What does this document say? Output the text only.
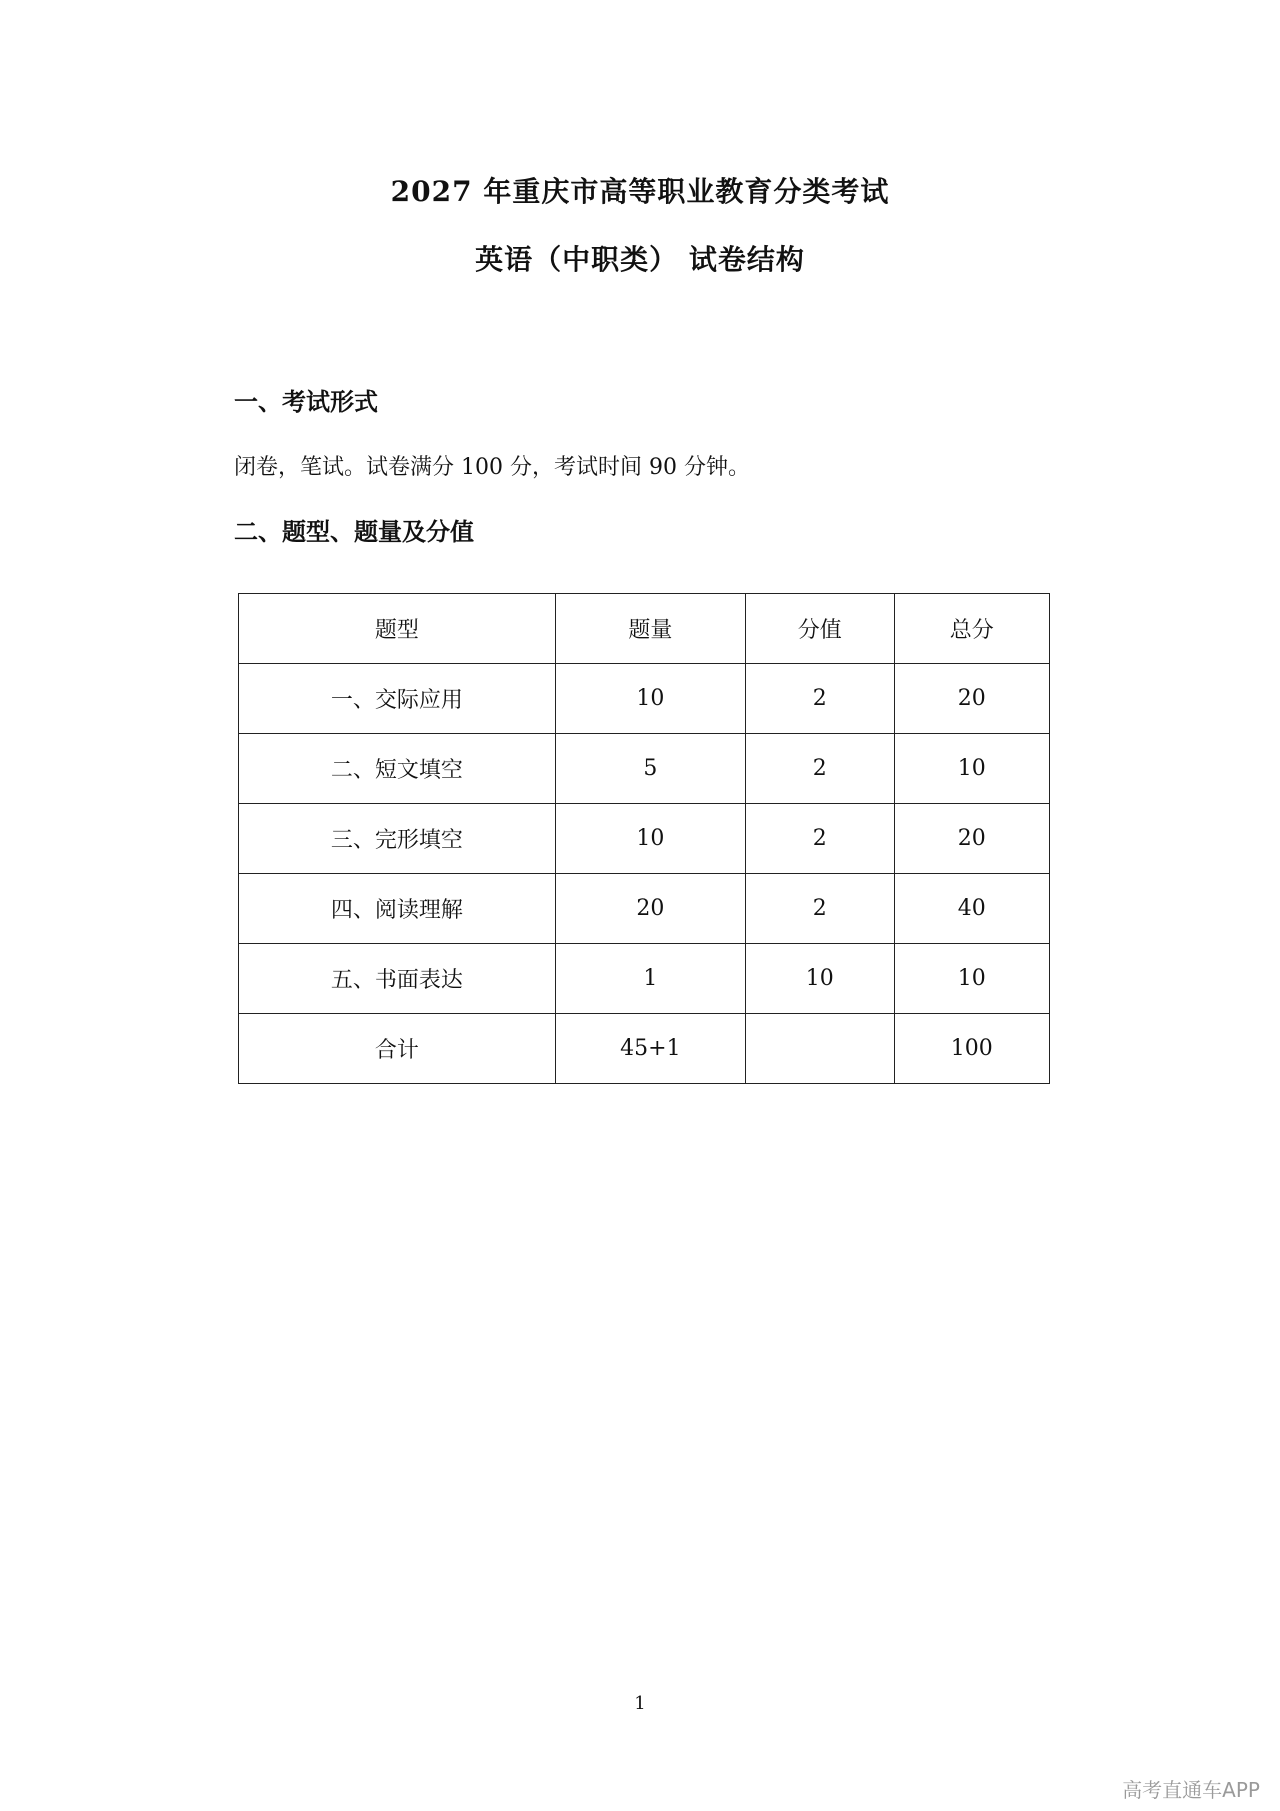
2027 年重庆市高等职业教育分类考试
英语（中职类） 试卷结构
一、考试形式
闭卷，笔试。试卷满分 100 分，考试时间 90 分钟。
二、题型、题量及分值
题型	题量	分值	总分
一、交际应用	10	2	20
二、短文填空	5	2	10
三、完形填空	10	2	20
四、阅读理解	20	2	40
五、书面表达	1	10	10
合计	45+1		100
1
高考直通车APP
